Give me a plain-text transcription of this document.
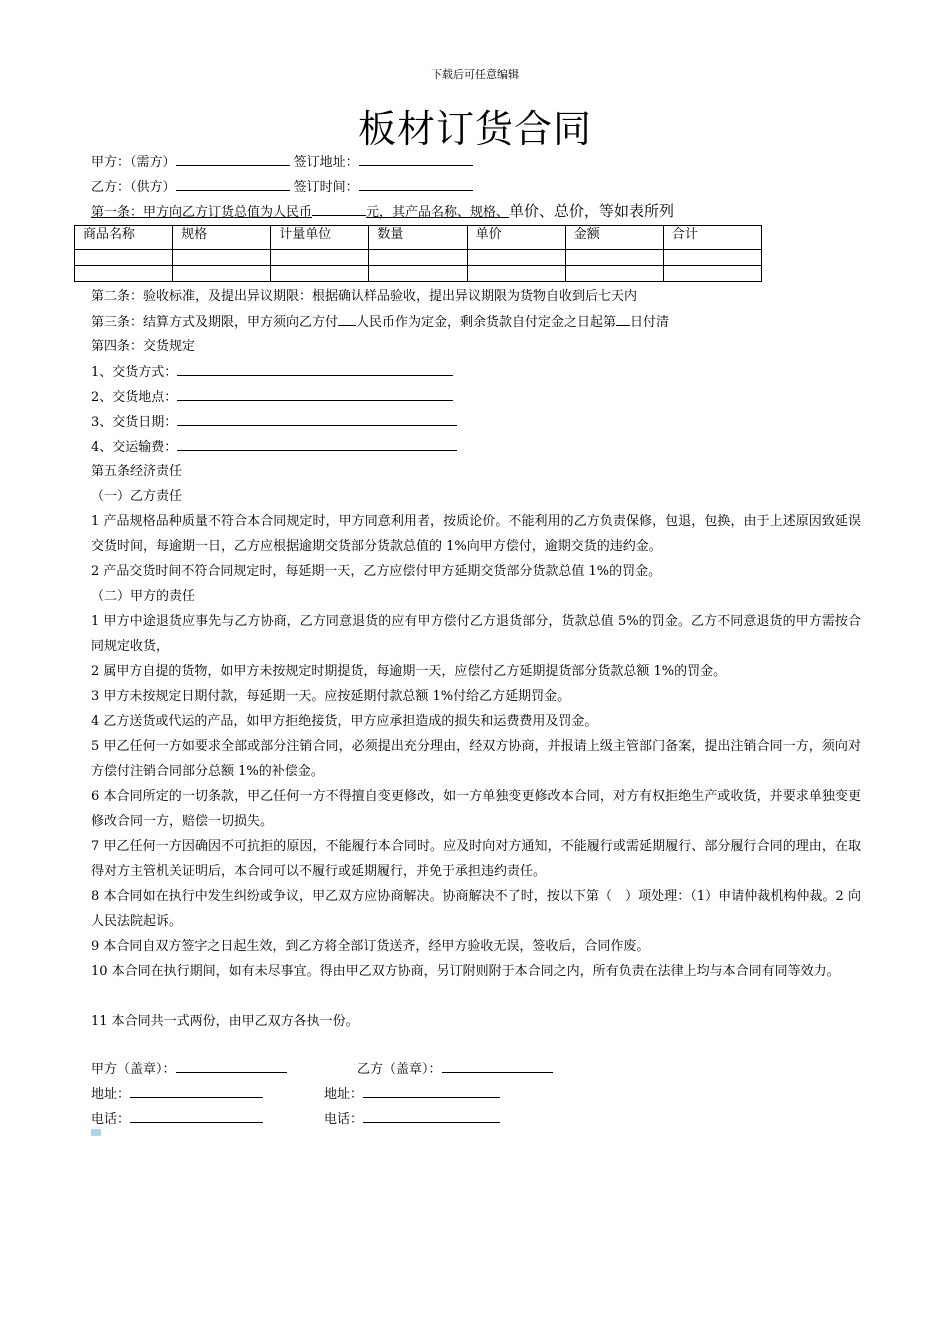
下载后可任意编辑
板材订货合同
甲方：（需方）	签订地址：
乙方：（供方）	签订时间：
第一条：甲方向乙方订货总值为人民币	元，其产品名称、规格、单价、总价，等如表所列
商品名称	规格	计量单位	数量	单价	金额	合计

第二条：验收标准，及提出异议期限：根据确认样品验收，提出异议期限为货物自收到后七天内
第三条：结算方式及期限，甲方须向乙方付 人民币作为定金，剩余货款自付定金之日起第 日付清
第四条：交货规定
1、交货方式：
2、交货地点：
3、交货日期：
4、交运输费：
第五条经济责任
（一）乙方责任
1 产品规格品种质量不符合本合同规定时，甲方同意利用者，按质论价。不能利用的乙方负责保修，包退，包换，由于上述原因致延误交货时间，每逾期一日，乙方应根据逾期交货部分货款总值的 1%向甲方偿付，逾期交货的违约金。
2 产品交货时间不符合同规定时，每延期一天，乙方应偿付甲方延期交货部分货款总值 1%的罚金。
（二）甲方的责任
1 甲方中途退货应事先与乙方协商，乙方同意退货的应有甲方偿付乙方退货部分，货款总值 5%的罚金。乙方不同意退货的甲方需按合同规定收货，
2 属甲方自提的货物，如甲方未按规定时期提货，每逾期一天，应偿付乙方延期提货部分货款总额 1%的罚金。
3 甲方未按规定日期付款，每延期一天。应按延期付款总额 1%付给乙方延期罚金。
4 乙方送货或代运的产品，如甲方拒绝接货，甲方应承担造成的损失和运费费用及罚金。
5 甲乙任何一方如要求全部或部分注销合同，必须提出充分理由，经双方协商，并报请上级主管部门备案，提出注销合同一方，须向对方偿付注销合同部分总额 1%的补偿金。
6 本合同所定的一切条款，甲乙任何一方不得擅自变更修改，如一方单独变更修改本合同，对方有权拒绝生产或收货，并要求单独变更修改合同一方，赔偿一切损失。
7 甲乙任何一方因确因不可抗拒的原因，不能履行本合同时。应及时向对方通知，不能履行或需延期履行、部分履行合同的理由，在取得对方主管机关证明后，本合同可以不履行或延期履行，并免于承担违约责任。
8 本合同如在执行中发生纠纷或争议，甲乙双方应协商解决。协商解决不了时，按以下第（　）项处理：（1）申请仲裁机构仲裁。2 向人民法院起诉。
9 本合同自双方签字之日起生效，到乙方将全部订货送齐，经甲方验收无误，签收后，合同作废。
10 本合同在执行期间，如有未尽事宜。得由甲乙双方协商，另订附则附于本合同之内，所有负责在法律上均与本合同有同等效力。
11 本合同共一式两份，由甲乙双方各执一份。
甲方（盖章）：	乙方（盖章）：
地址：	地址：
电话：	电话：
